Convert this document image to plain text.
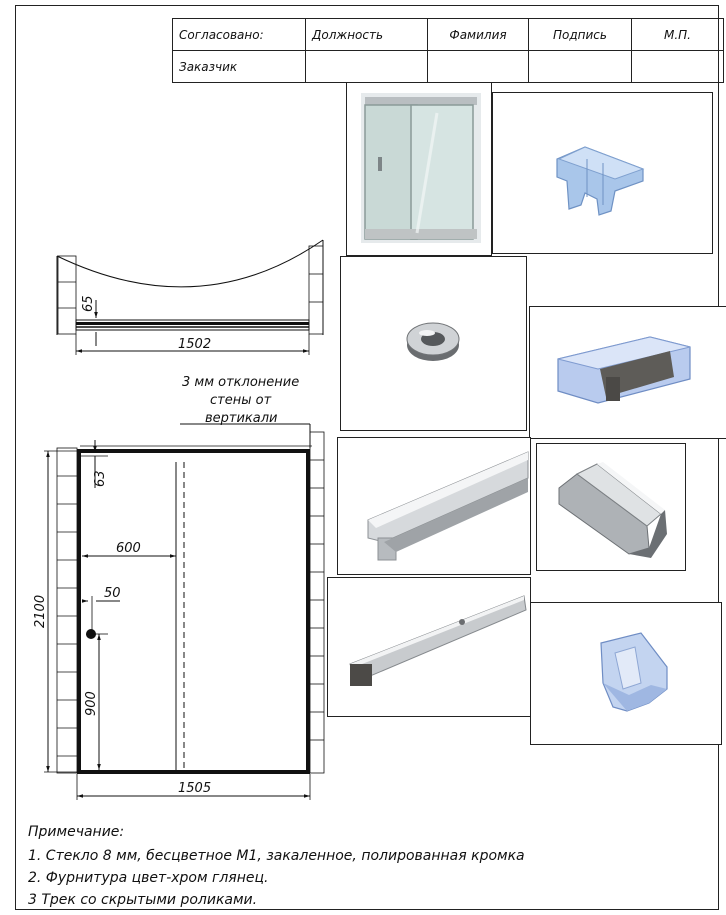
Согласовано:	Должность	Фамилия	Подпись	М.П.
Заказчик				
65
1502
3 мм отклонение
стены от
вертикали
2100
63
600
50
900
1505
Примечание:
1. Стекло 8 мм, бесцветное М1, закаленное, полированная кромка
2. Фурнитура цвет-хром глянец.
3 Трек со скрытыми роликами.
